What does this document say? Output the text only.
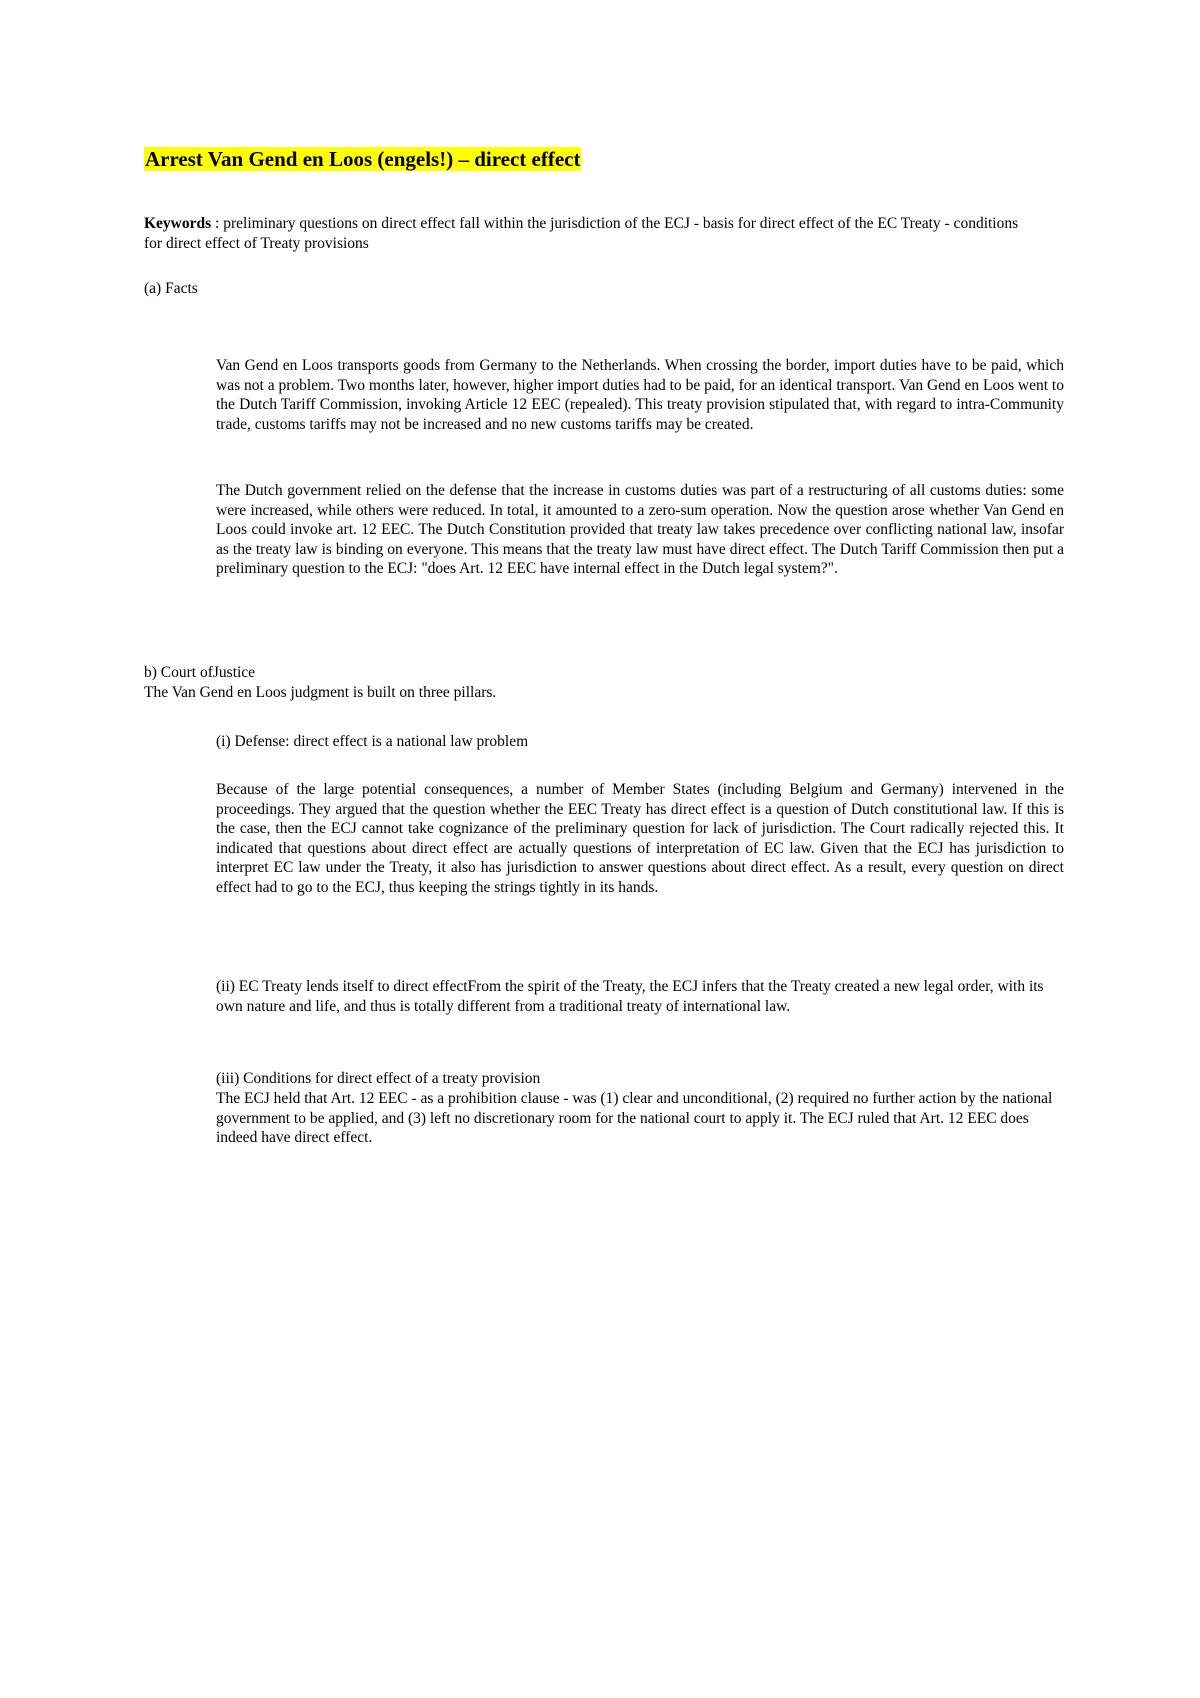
Arrest Van Gend en Loos (engels!) – direct effect

Keywords : preliminary questions on direct effect fall within the jurisdiction of the ECJ - basis for direct effect of the EC Treaty - conditions for direct effect of Treaty provisions

(a) Facts

Van Gend en Loos transports goods from Germany to the Netherlands. When crossing the border, import duties have to be paid, which was not a problem. Two months later, however, higher import duties had to be paid, for an identical transport. Van Gend en Loos went to the Dutch Tariff Commission, invoking Article 12 EEC (repealed). This treaty provision stipulated that, with regard to intra-Community trade, customs tariffs may not be increased and no new customs tariffs may be created.

The Dutch government relied on the defense that the increase in customs duties was part of a restructuring of all customs duties: some were increased, while others were reduced. In total, it amounted to a zero-sum operation. Now the question arose whether Van Gend en Loos could invoke art. 12 EEC. The Dutch Constitution provided that treaty law takes precedence over conflicting national law, insofar as the treaty law is binding on everyone. This means that the treaty law must have direct effect. The Dutch Tariff Commission then put a preliminary question to the ECJ: "does Art. 12 EEC have internal effect in the Dutch legal system?".

b) Court ofJustice

The Van Gend en Loos judgment is built on three pillars.

(i) Defense: direct effect is a national law problem

Because of the large potential consequences, a number of Member States (including Belgium and Germany) intervened in the proceedings. They argued that the question whether the EEC Treaty has direct effect is a question of Dutch constitutional law. If this is the case, then the ECJ cannot take cognizance of the preliminary question for lack of jurisdiction. The Court radically rejected this. It indicated that questions about direct effect are actually questions of interpretation of EC law. Given that the ECJ has jurisdiction to interpret EC law under the Treaty, it also has jurisdiction to answer questions about direct effect. As a result, every question on direct effect had to go to the ECJ, thus keeping the strings tightly in its hands.

(ii) EC Treaty lends itself to direct effectFrom the spirit of the Treaty, the ECJ infers that the Treaty created a new legal order, with its own nature and life, and thus is totally different from a traditional treaty of international law.

(iii) Conditions for direct effect of a treaty provision

The ECJ held that Art. 12 EEC - as a prohibition clause - was (1) clear and unconditional, (2) required no further action by the national government to be applied, and (3) left no discretionary room for the national court to apply it. The ECJ ruled that Art. 12 EEC does indeed have direct effect.
